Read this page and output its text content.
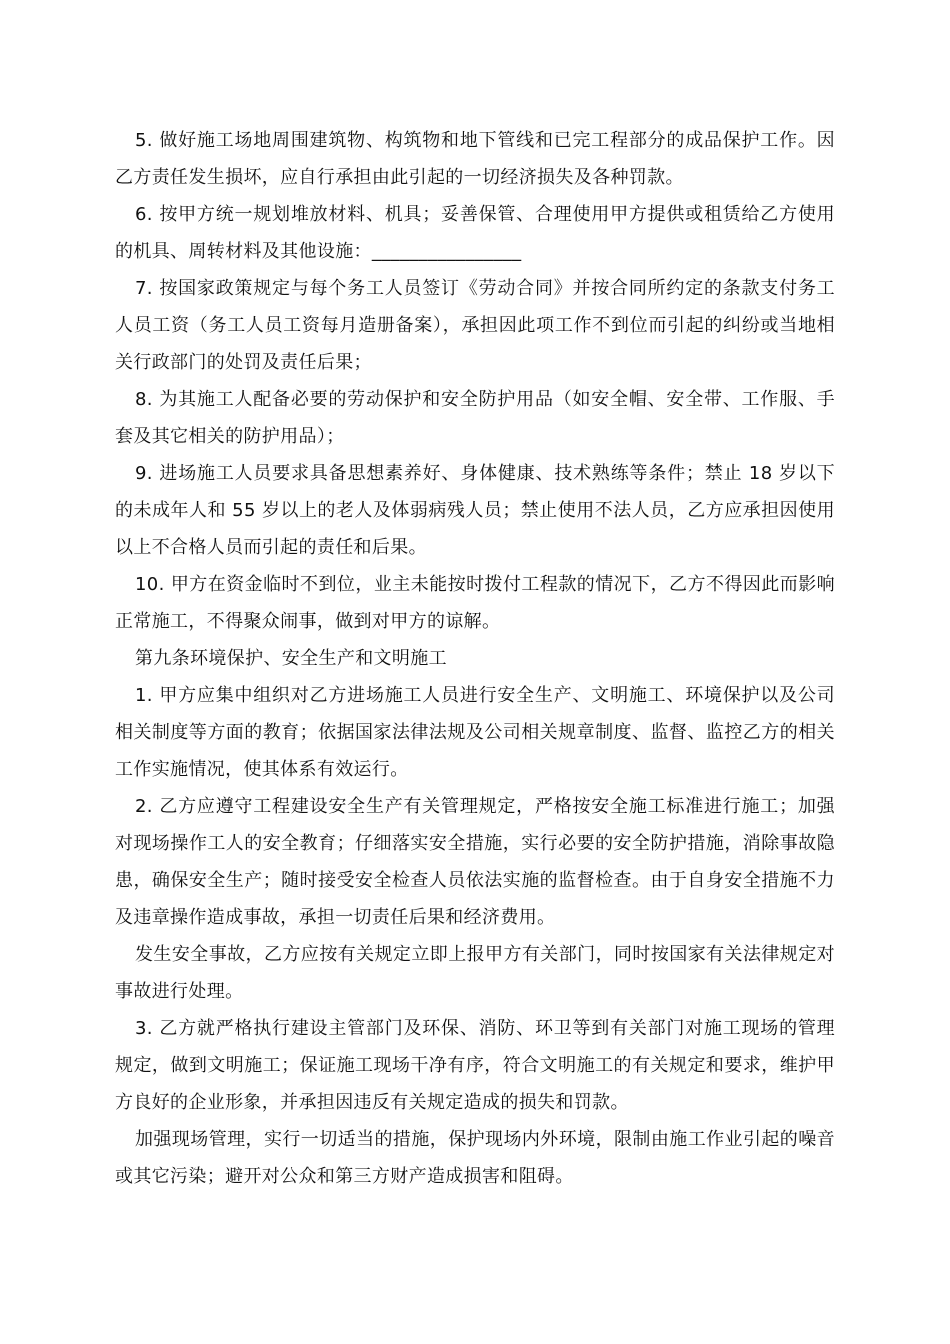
5. 做好施工场地周围建筑物、构筑物和地下管线和已完工程部分的成品保护工作。因乙方责任发生损坏，应自行承担由此引起的一切经济损失及各种罚款。

6. 按甲方统一规划堆放材料、机具；妥善保管、合理使用甲方提供或租赁给乙方使用的机具、周转材料及其他设施：________________

7. 按国家政策规定与每个务工人员签订《劳动合同》并按合同所约定的条款支付务工人员工资（务工人员工资每月造册备案），承担因此项工作不到位而引起的纠纷或当地相关行政部门的处罚及责任后果；

8. 为其施工人配备必要的劳动保护和安全防护用品（如安全帽、安全带、工作服、手套及其它相关的防护用品）；

9. 进场施工人员要求具备思想素养好、身体健康、技术熟练等条件；禁止 18 岁以下的未成年人和 55 岁以上的老人及体弱病残人员；禁止使用不法人员，乙方应承担因使用以上不合格人员而引起的责任和后果。

10. 甲方在资金临时不到位，业主未能按时拨付工程款的情况下，乙方不得因此而影响正常施工，不得聚众闹事，做到对甲方的谅解。

第九条环境保护、安全生产和文明施工

1. 甲方应集中组织对乙方进场施工人员进行安全生产、文明施工、环境保护以及公司相关制度等方面的教育；依据国家法律法规及公司相关规章制度、监督、监控乙方的相关工作实施情况，使其体系有效运行。

2. 乙方应遵守工程建设安全生产有关管理规定，严格按安全施工标准进行施工；加强对现场操作工人的安全教育；仔细落实安全措施，实行必要的安全防护措施，消除事故隐患，确保安全生产；随时接受安全检查人员依法实施的监督检查。由于自身安全措施不力及违章操作造成事故，承担一切责任后果和经济费用。

发生安全事故，乙方应按有关规定立即上报甲方有关部门，同时按国家有关法律规定对事故进行处理。

3. 乙方就严格执行建设主管部门及环保、消防、环卫等到有关部门对施工现场的管理规定，做到文明施工；保证施工现场干净有序，符合文明施工的有关规定和要求，维护甲方良好的企业形象，并承担因违反有关规定造成的损失和罚款。

加强现场管理，实行一切适当的措施，保护现场内外环境，限制由施工作业引起的噪音或其它污染；避开对公众和第三方财产造成损害和阻碍。
